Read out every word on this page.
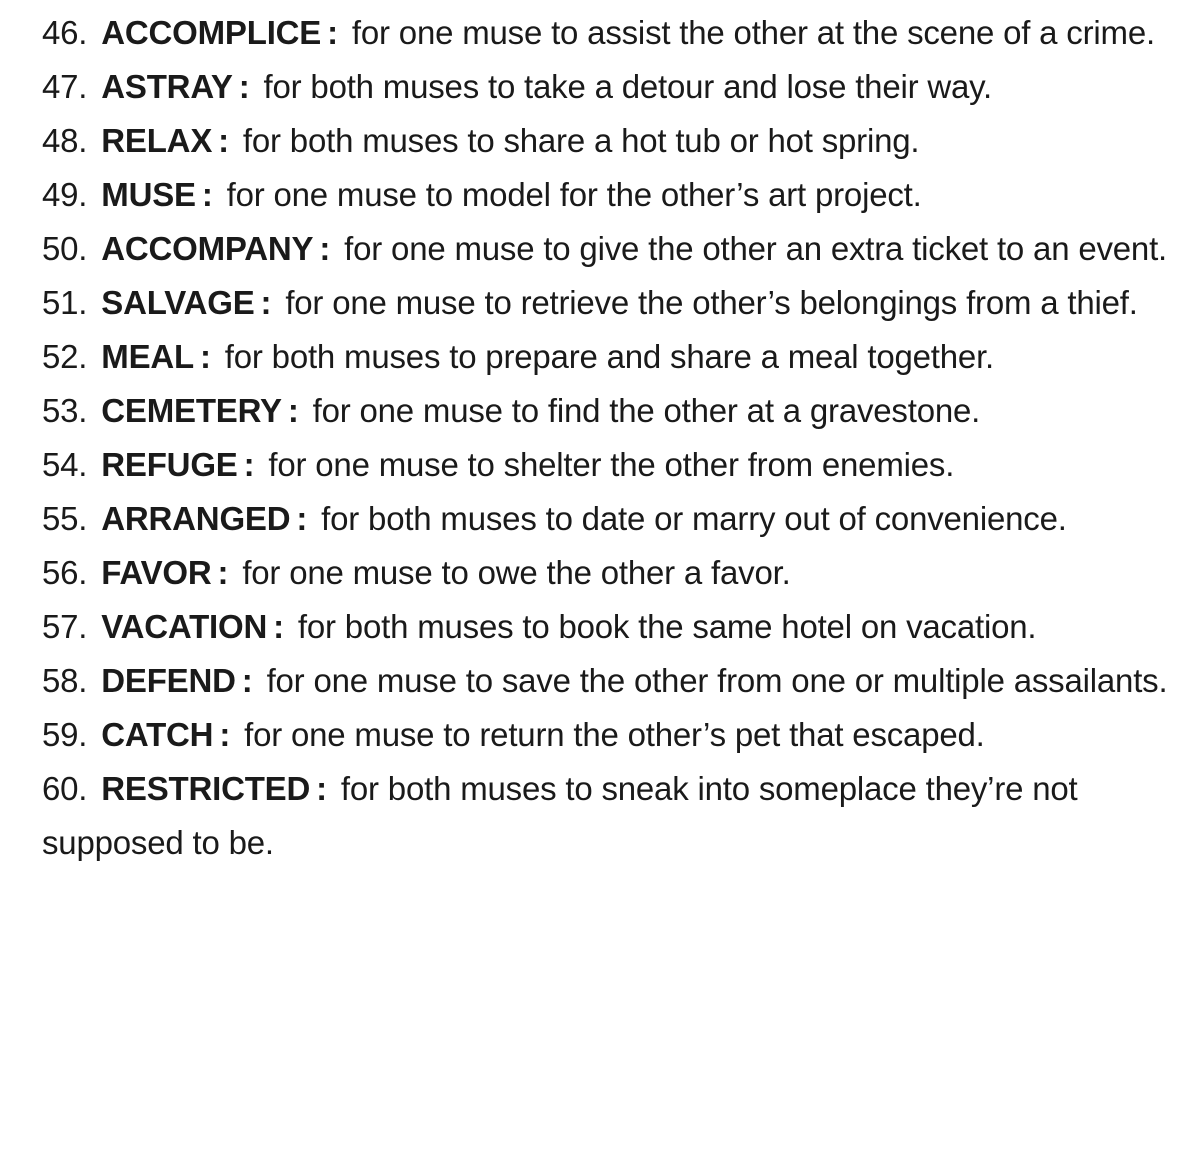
46. ACCOMPLICE : for one muse to assist the other at the scene of a crime.
47. ASTRAY : for both muses to take a detour and lose their way.
48. RELAX : for both muses to share a hot tub or hot spring.
49. MUSE : for one muse to model for the other’s art project.
50. ACCOMPANY : for one muse to give the other an extra ticket to an event.
51. SALVAGE : for one muse to retrieve the other’s belongings from a thief.
52. MEAL : for both muses to prepare and share a meal together.
53. CEMETERY : for one muse to find the other at a gravestone.
54. REFUGE : for one muse to shelter the other from enemies.
55. ARRANGED : for both muses to date or marry out of convenience.
56. FAVOR : for one muse to owe the other a favor.
57. VACATION : for both muses to book the same hotel on vacation.
58. DEFEND : for one muse to save the other from one or multiple assailants.
59. CATCH : for one muse to return the other’s pet that escaped.
60. RESTRICTED : for both muses to sneak into someplace they’re not supposed to be.
